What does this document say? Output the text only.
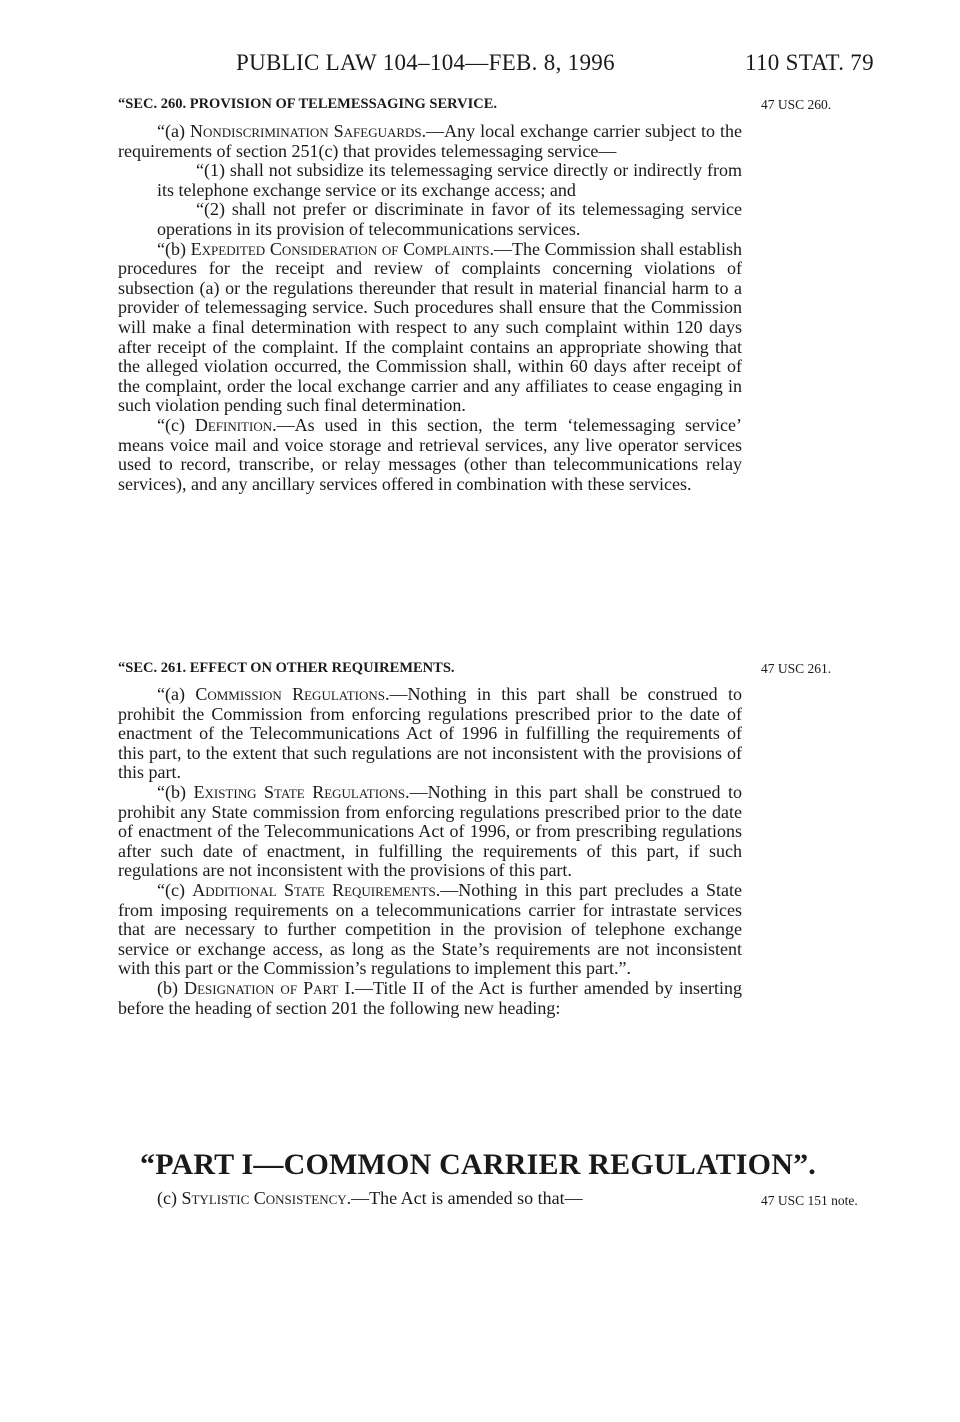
PUBLIC LAW 104–104—FEB. 8, 1996	110 STAT. 79
“SEC. 260. PROVISION OF TELEMESSAGING SERVICE.	47 USC 260.

“(a) Nondiscrimination Safeguards.—Any local exchange carrier subject to the requirements of section 251(c) that provides telemessaging service—

“(1) shall not subsidize its telemessaging service directly or indirectly from its telephone exchange service or its exchange access; and

“(2) shall not prefer or discriminate in favor of its telemessaging service operations in its provision of telecommunications services.

“(b) Expedited Consideration of Complaints.—The Commission shall establish procedures for the receipt and review of complaints concerning violations of subsection (a) or the regulations thereunder that result in material financial harm to a provider of telemessaging service. Such procedures shall ensure that the Commission will make a final determination with respect to any such complaint within 120 days after receipt of the complaint. If the complaint contains an appropriate showing that the alleged violation occurred, the Commission shall, within 60 days after receipt of the complaint, order the local exchange carrier and any affiliates to cease engaging in such violation pending such final determination.

“(c) Definition.—As used in this section, the term ‘telemessaging service’ means voice mail and voice storage and retrieval services, any live operator services used to record, transcribe, or relay messages (other than telecommunications relay services), and any ancillary services offered in combination with these services.

“SEC. 261. EFFECT ON OTHER REQUIREMENTS.	47 USC 261.

“(a) Commission Regulations.—Nothing in this part shall be construed to prohibit the Commission from enforcing regulations prescribed prior to the date of enactment of the Telecommunications Act of 1996 in fulfilling the requirements of this part, to the extent that such regulations are not inconsistent with the provisions of this part.

“(b) Existing State Regulations.—Nothing in this part shall be construed to prohibit any State commission from enforcing regulations prescribed prior to the date of enactment of the Telecommunications Act of 1996, or from prescribing regulations after such date of enactment, in fulfilling the requirements of this part, if such regulations are not inconsistent with the provisions of this part.

“(c) Additional State Requirements.—Nothing in this part precludes a State from imposing requirements on a telecommunications carrier for intrastate services that are necessary to further competition in the provision of telephone exchange service or exchange access, as long as the State’s requirements are not inconsistent with this part or the Commission’s regulations to implement this part.”.

(b) Designation of Part I.—Title II of the Act is further amended by inserting before the heading of section 201 the following new heading:

“PART I—COMMON CARRIER REGULATION”.

(c) Stylistic Consistency.—The Act is amended so that—	47 USC 151 note.
